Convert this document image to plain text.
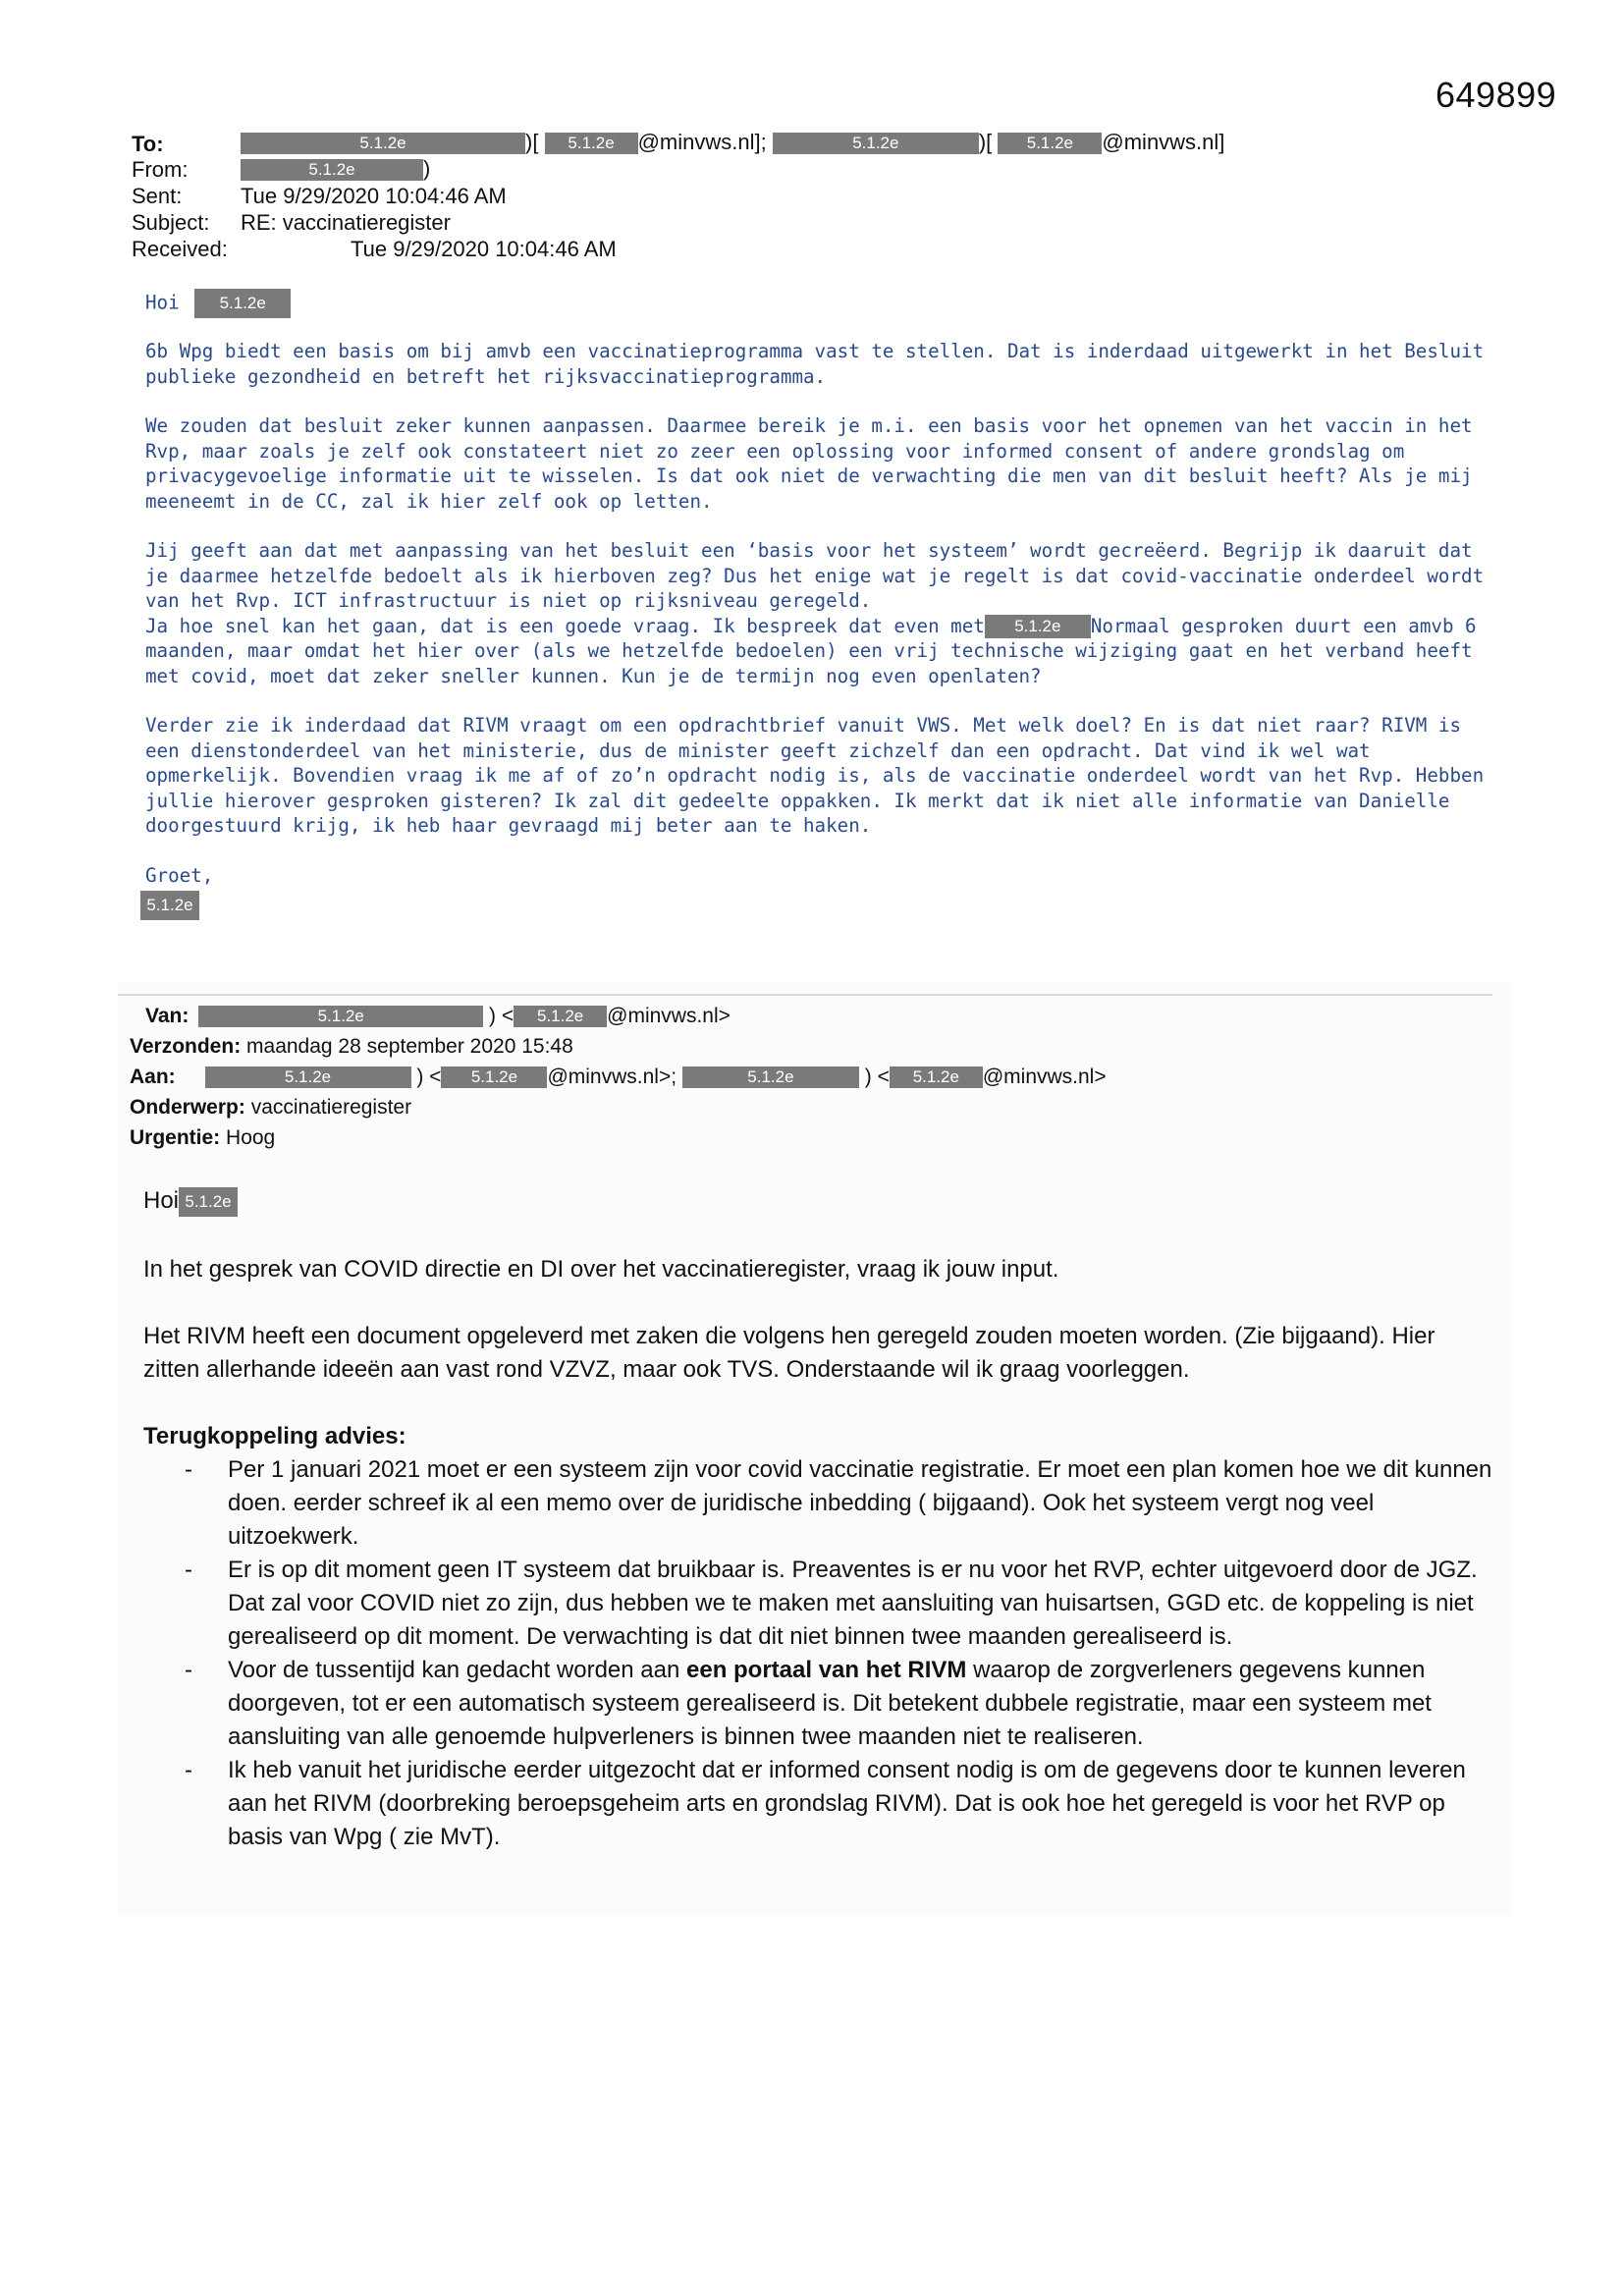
649899
To:	5.1.2e	)[ 5.1.2e @minvws.nl];	5.1.2e	)[ 5.1.2e @minvws.nl]
From:	5.1.2e	)
Sent:	Tue 9/29/2020 10:04:46 AM
Subject: RE: vaccinatieregister
Received:	Tue 9/29/2020 10:04:46 AM
Hoi 5.1.2e

6b Wpg biedt een basis om bij amvb een vaccinatieprogramma vast te stellen. Dat is inderdaad uitgewerkt in het Besluit publieke gezondheid en betreft het rijksvaccinatieprogramma.

We zouden dat besluit zeker kunnen aanpassen. Daarmee bereik je m.i. een basis voor het opnemen van het vaccin in het Rvp, maar zoals je zelf ook constateert niet zo zeer een oplossing voor informed consent of andere grondslag om privacygevoelige informatie uit te wisselen. Is dat ook niet de verwachting die men van dit besluit heeft? Als je mij meeneemt in de CC, zal ik hier zelf ook op letten.

Jij geeft aan dat met aanpassing van het besluit een ‘basis voor het systeem’ wordt gecreëerd. Begrijp ik daaruit dat je daarmee hetzelfde bedoelt als ik hierboven zeg? Dus het enige wat je regelt is dat covid-vaccinatie onderdeel wordt van het Rvp. ICT infrastructuur is niet op rijksniveau geregeld.

Ja hoe snel kan het gaan, dat is een goede vraag. Ik bespreek dat even met 5.1.2e Normaal gesproken duurt een amvb 6 maanden, maar omdat het hier over (als we hetzelfde bedoelen) een vrij technische wijziging gaat en het verband heeft met covid, moet dat zeker sneller kunnen. Kun je de termijn nog even openlaten?

Verder zie ik inderdaad dat RIVM vraagt om een opdrachtbrief vanuit VWS. Met welk doel? En is dat niet raar? RIVM is een dienstonderdeel van het ministerie, dus de minister geeft zichzelf dan een opdracht. Dat vind ik wel wat opmerkelijk. Bovendien vraag ik me af of zo’n opdracht nodig is, als de vaccinatie onderdeel wordt van het Rvp. Hebben jullie hierover gesproken gisteren? Ik zal dit gedeelte oppakken. Ik merkt dat ik niet alle informatie van Danielle doorgestuurd krijg, ik heb haar gevraagd mij beter aan te haken.

Groet,

5.1.2e
Van:	5.1.2e	) < 5.1.2e @minvws.nl>
Verzonden: maandag 28 september 2020 15:48
Aan:	5.1.2e	) < 5.1.2e @minvws.nl>;	5.1.2e	) < 5.1.2e @minvws.nl>
Onderwerp: vaccinatieregister
Urgentie: Hoog
Hoi 5.1.2e

In het gesprek van COVID directie en DI over het vaccinatieregister, vraag ik jouw input.

Het RIVM heeft een document opgeleverd met zaken die volgens hen geregeld zouden moeten worden. (Zie bijgaand). Hier zitten allerhande ideeën aan vast rond VZVZ, maar ook TVS. Onderstaande wil ik graag voorleggen.

Terugkoppeling advies:

- Per 1 januari 2021 moet er een systeem zijn voor covid vaccinatie registratie. Er moet een plan komen hoe we dit kunnen doen. eerder schreef ik al een memo over de juridische inbedding ( bijgaand). Ook het systeem vergt nog veel uitzoekwerk.
- Er is op dit moment geen IT systeem dat bruikbaar is. Preaventes is er nu voor het RVP, echter uitgevoerd door de JGZ. Dat zal voor COVID niet zo zijn, dus hebben we te maken met aansluiting van huisartsen, GGD etc. de koppeling is niet gerealiseerd op dit moment. De verwachting is dat dit niet binnen twee maanden gerealiseerd is.
- Voor de tussentijd kan gedacht worden aan een portaal van het RIVM waarop de zorgverleners gegevens kunnen doorgeven, tot er een automatisch systeem gerealiseerd is. Dit betekent dubbele registratie, maar een systeem met aansluiting van alle genoemde hulpverleners is binnen twee maanden niet te realiseren.
- Ik heb vanuit het juridische eerder uitgezocht dat er informed consent nodig is om de gegevens door te kunnen leveren aan het RIVM (doorbreking beroepsgeheim arts en grondslag RIVM). Dat is ook hoe het geregeld is voor het RVP op basis van Wpg ( zie MvT).
